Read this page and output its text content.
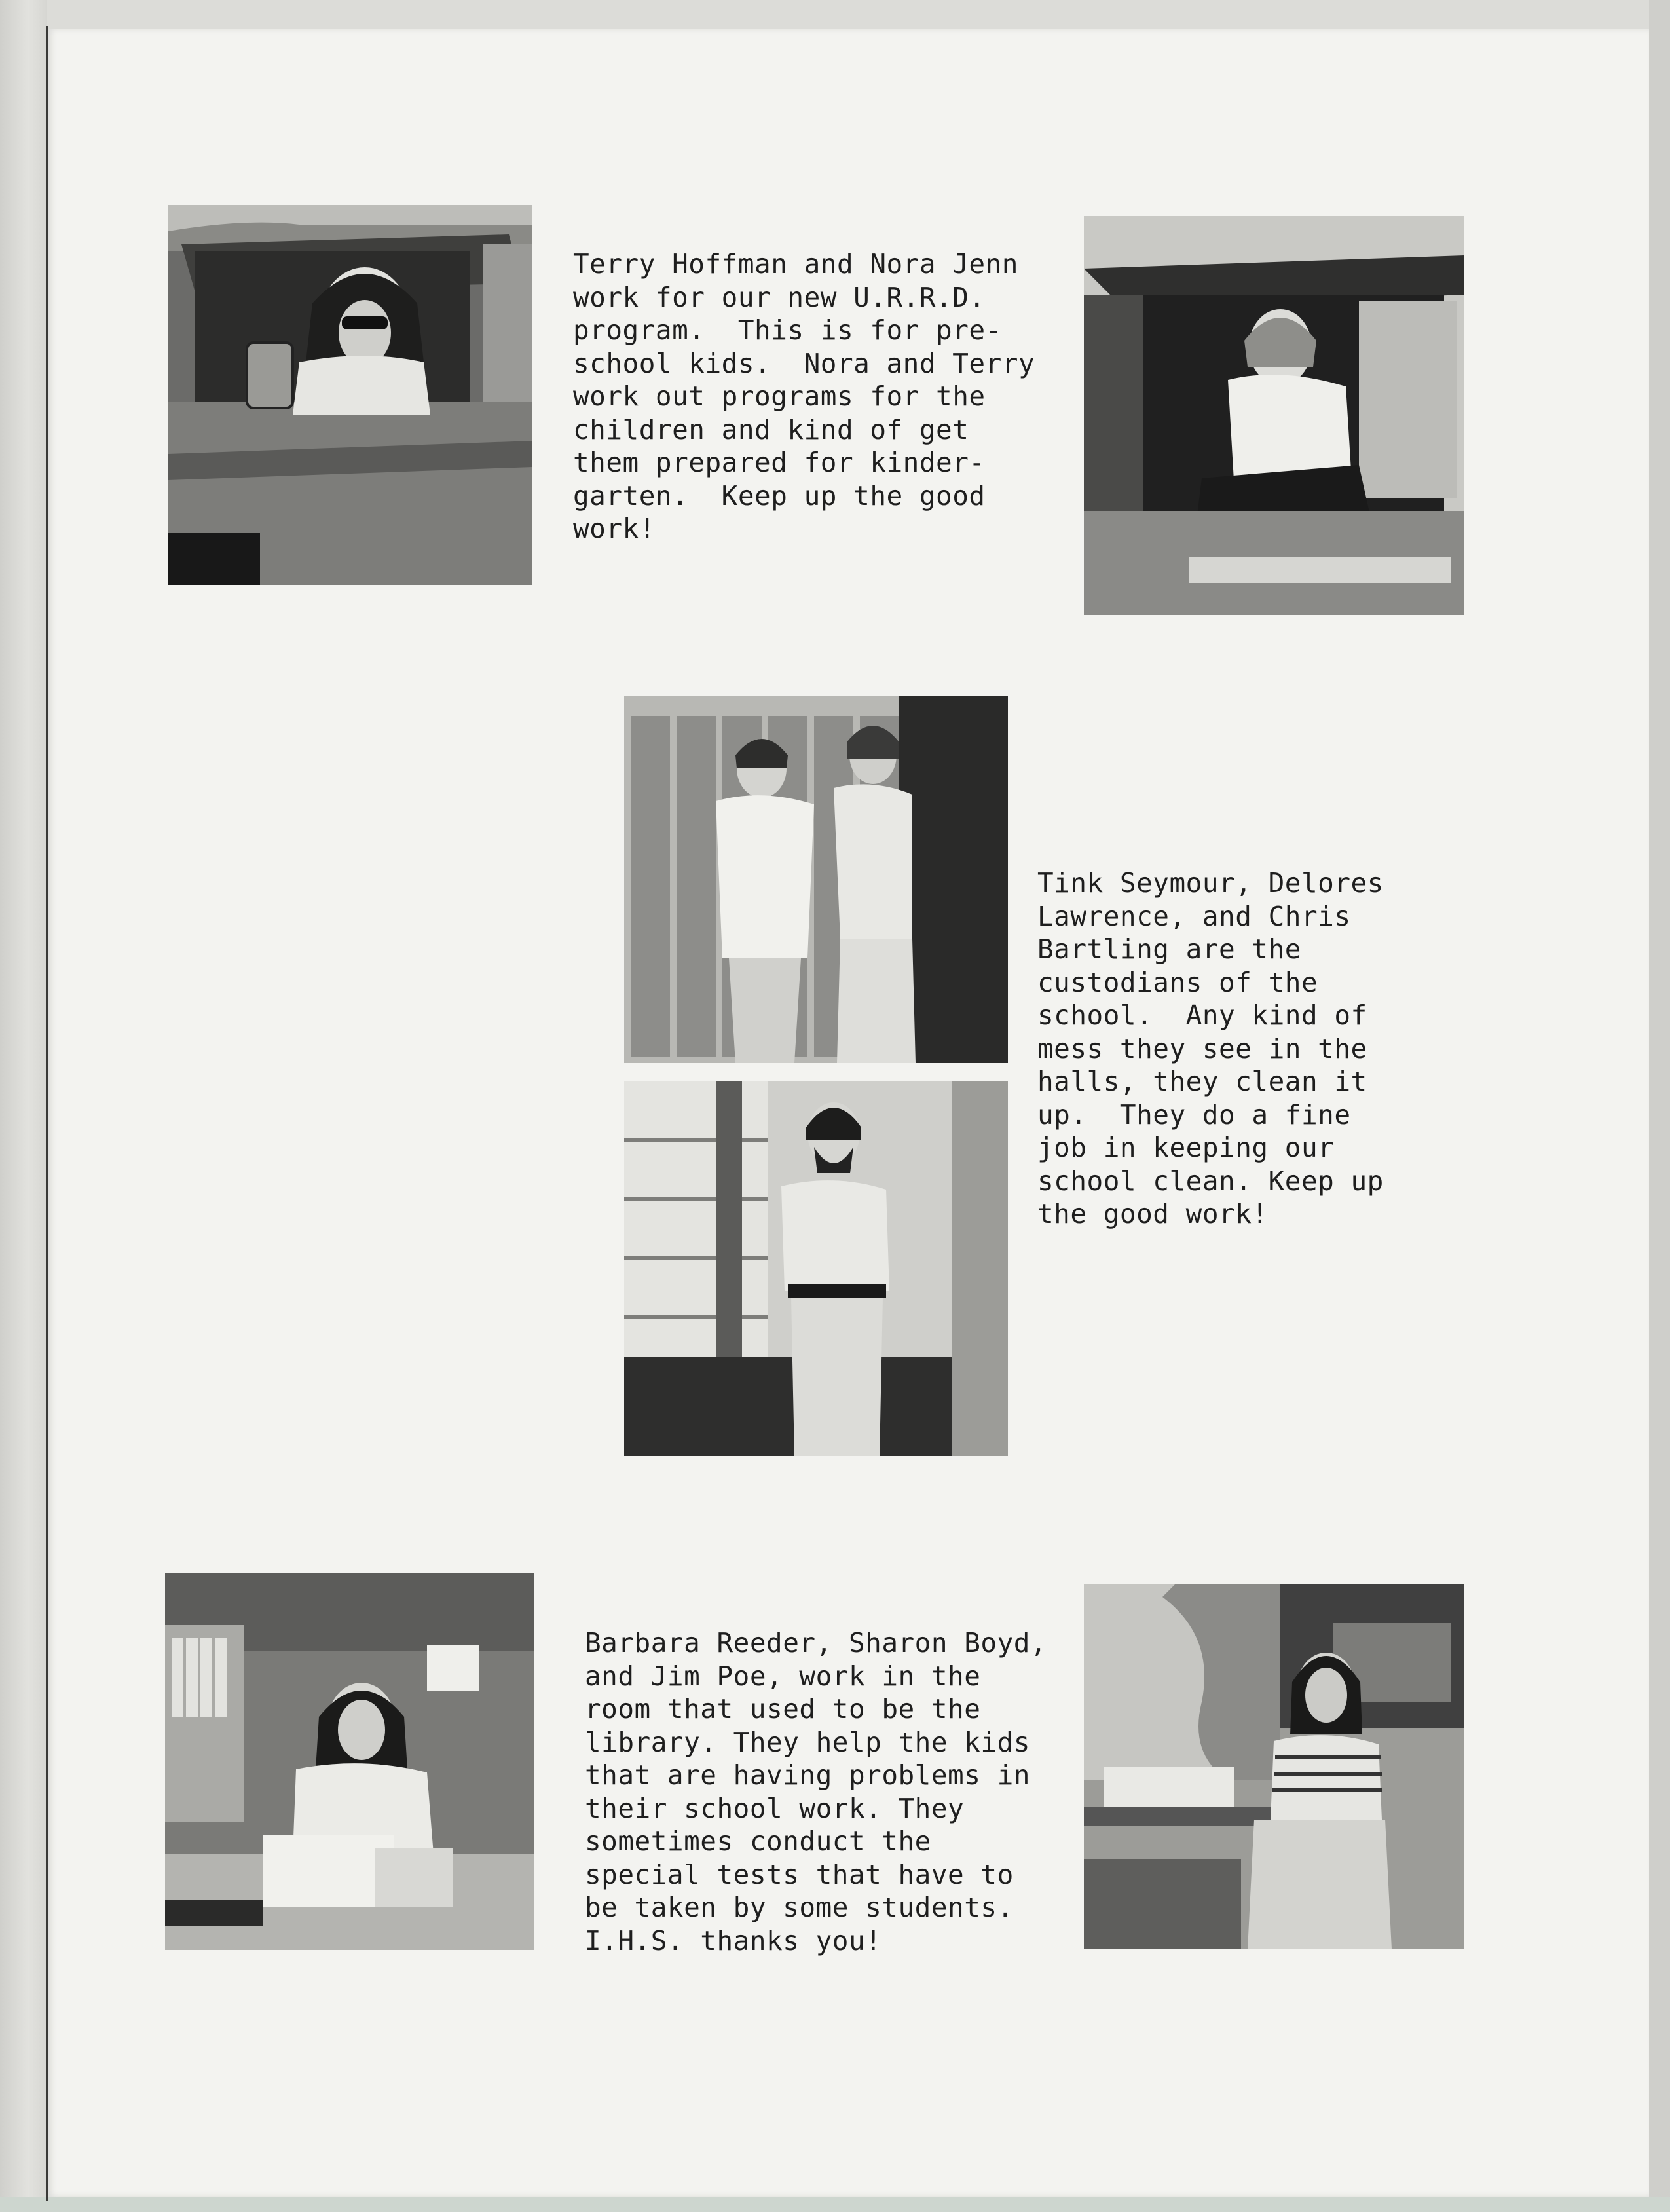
Terry Hoffman and Nora Jenn
work for our new U.R.R.D.
program.  This is for pre-
school kids.  Nora and Terry
work out programs for the
children and kind of get
them prepared for kinder-
garten.  Keep up the good
work!
Tink Seymour, Delores
Lawrence, and Chris
Bartling are the
custodians of the
school.  Any kind of
mess they see in the
halls, they clean it
up.  They do a fine
job in keeping our
school clean. Keep up
the good work!
Barbara Reeder, Sharon Boyd,
and Jim Poe, work in the
room that used to be the
library. They help the kids
that are having problems in
their school work. They
sometimes conduct the
special tests that have to
be taken by some students.
I.H.S. thanks you!
